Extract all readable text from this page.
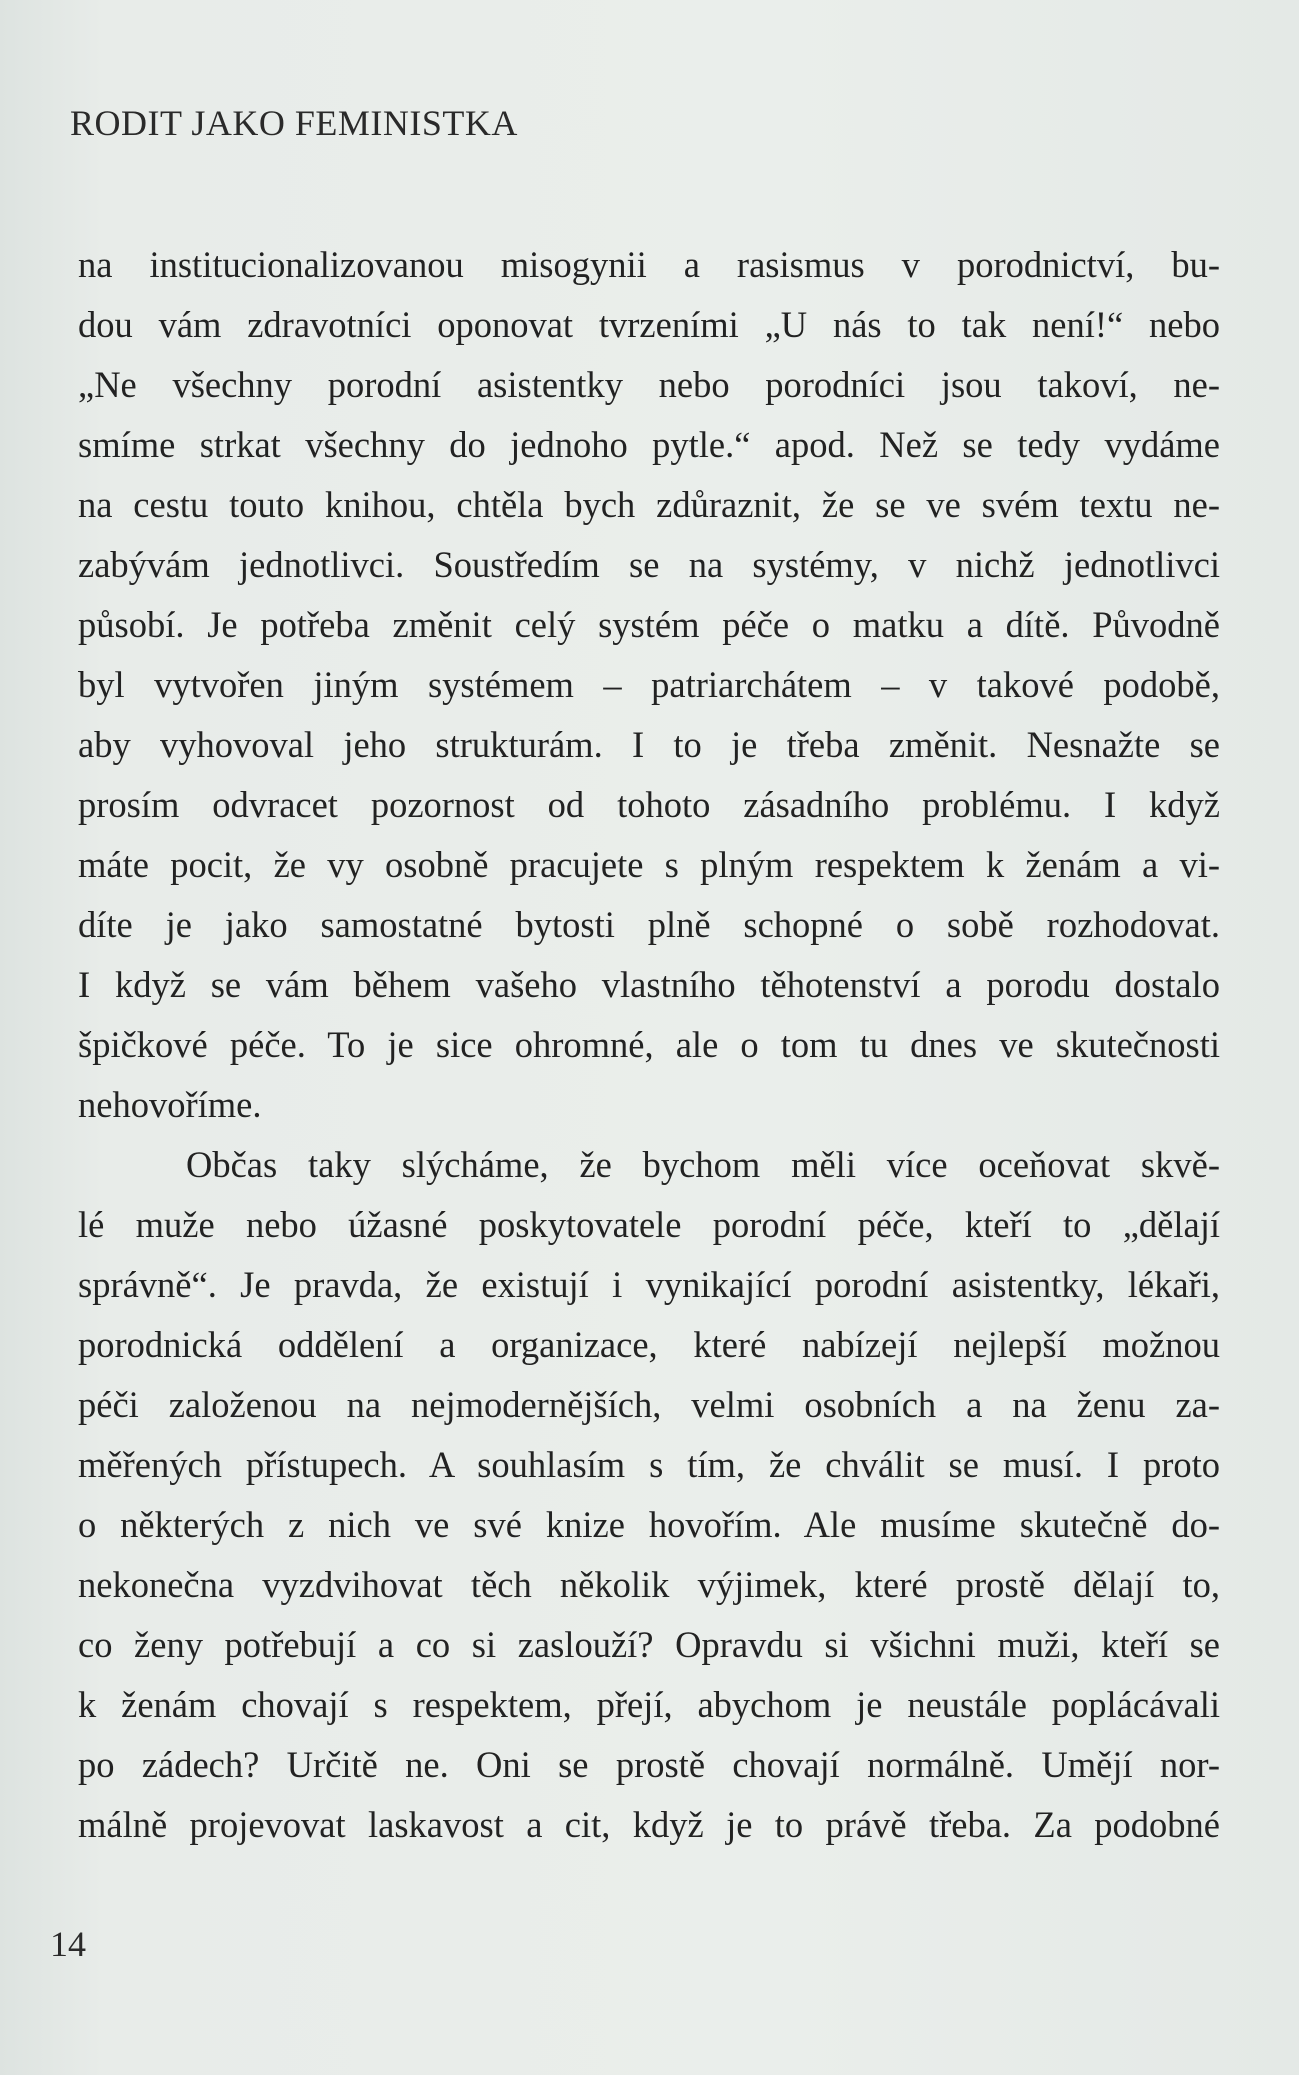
RODIT JAKO FEMINISTKA
na institucionalizovanou misogynii a rasismus v porodnictví, bu-
dou vám zdravotníci oponovat tvrzeními „U nás to tak není!“ nebo
„Ne všechny porodní asistentky nebo porodníci jsou takoví, ne-
smíme strkat všechny do jednoho pytle.“ apod. Než se tedy vydáme
na cestu touto knihou, chtěla bych zdůraznit, že se ve svém textu ne-
zabývám jednotlivci. Soustředím se na systémy, v nichž jednotlivci
působí. Je potřeba změnit celý systém péče o matku a dítě. Původně
byl vytvořen jiným systémem – patriarchátem – v takové podobě,
aby vyhovoval jeho strukturám. I to je třeba změnit. Nesnažte se
prosím odvracet pozornost od tohoto zásadního problému. I když
máte pocit, že vy osobně pracujete s plným respektem k ženám a vi-
díte je jako samostatné bytosti plně schopné o sobě rozhodovat.
I když se vám během vašeho vlastního těhotenství a porodu dostalo
špičkové péče. To je sice ohromné, ale o tom tu dnes ve skutečnosti
nehovoříme.
Občas taky slýcháme, že bychom měli více oceňovat skvě-
lé muže nebo úžasné poskytovatele porodní péče, kteří to „dělají
správně“. Je pravda, že existují i vynikající porodní asistentky, lékaři,
porodnická oddělení a organizace, které nabízejí nejlepší možnou
péči založenou na nejmodernějších, velmi osobních a na ženu za-
měřených přístupech. A souhlasím s tím, že chválit se musí. I proto
o některých z nich ve své knize hovořím. Ale musíme skutečně do-
nekonečna vyzdvihovat těch několik výjimek, které prostě dělají to,
co ženy potřebují a co si zaslouží? Opravdu si všichni muži, kteří se
k ženám chovají s respektem, přejí, abychom je neustále poplácávali
po zádech? Určitě ne. Oni se prostě chovají normálně. Umějí nor-
málně projevovat laskavost a cit, když je to právě třeba. Za podobné
14
